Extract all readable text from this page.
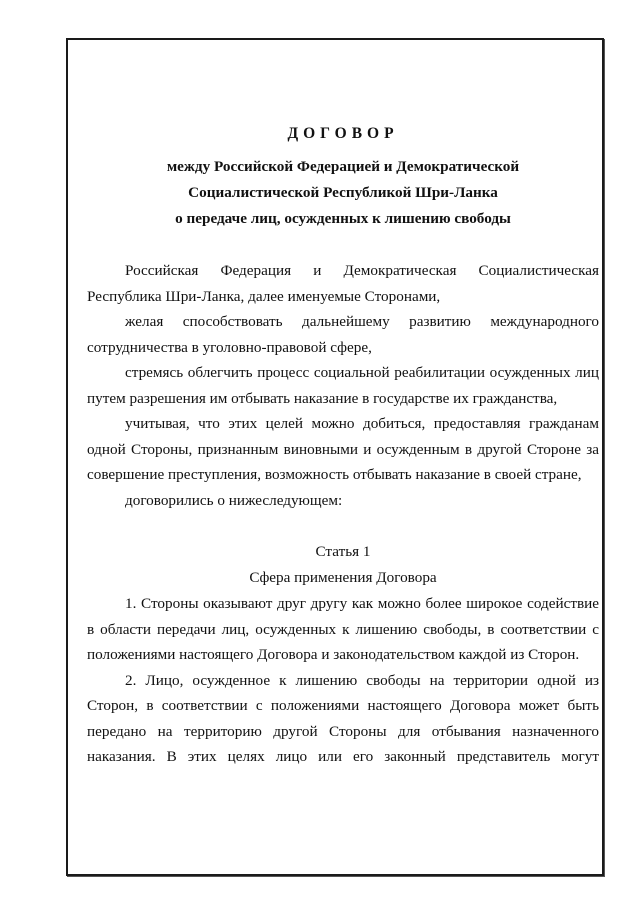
ДОГОВОР

между Российской Федерацией и Демократической

Социалистической Республикой Шри-Ланка

о передаче лиц, осужденных к лишению свободы

Российская Федерация и Демократическая Социалистическая Республика Шри-Ланка, далее именуемые Сторонами,

желая способствовать дальнейшему развитию международного сотрудничества в уголовно-правовой сфере,

стремясь облегчить процесс социальной реабилитации осужденных лиц путем разрешения им отбывать наказание в государстве их гражданства,

учитывая, что этих целей можно добиться, предоставляя гражданам одной Стороны, признанным виновными и осужденным в другой Стороне за совершение преступления, возможность отбывать наказание в своей стране,

договорились о нижеследующем:

Статья 1

Сфера применения Договора

1. Стороны оказывают друг другу как можно более широкое содействие в области передачи лиц, осужденных к лишению свободы, в соответствии с положениями настоящего Договора и законодательством каждой из Сторон.

2. Лицо, осужденное к лишению свободы на территории одной из Сторон, в соответствии с положениями настоящего Договора может быть передано на территорию другой Стороны для отбывания назначенного наказания. В этих целях лицо или его законный представитель могут
